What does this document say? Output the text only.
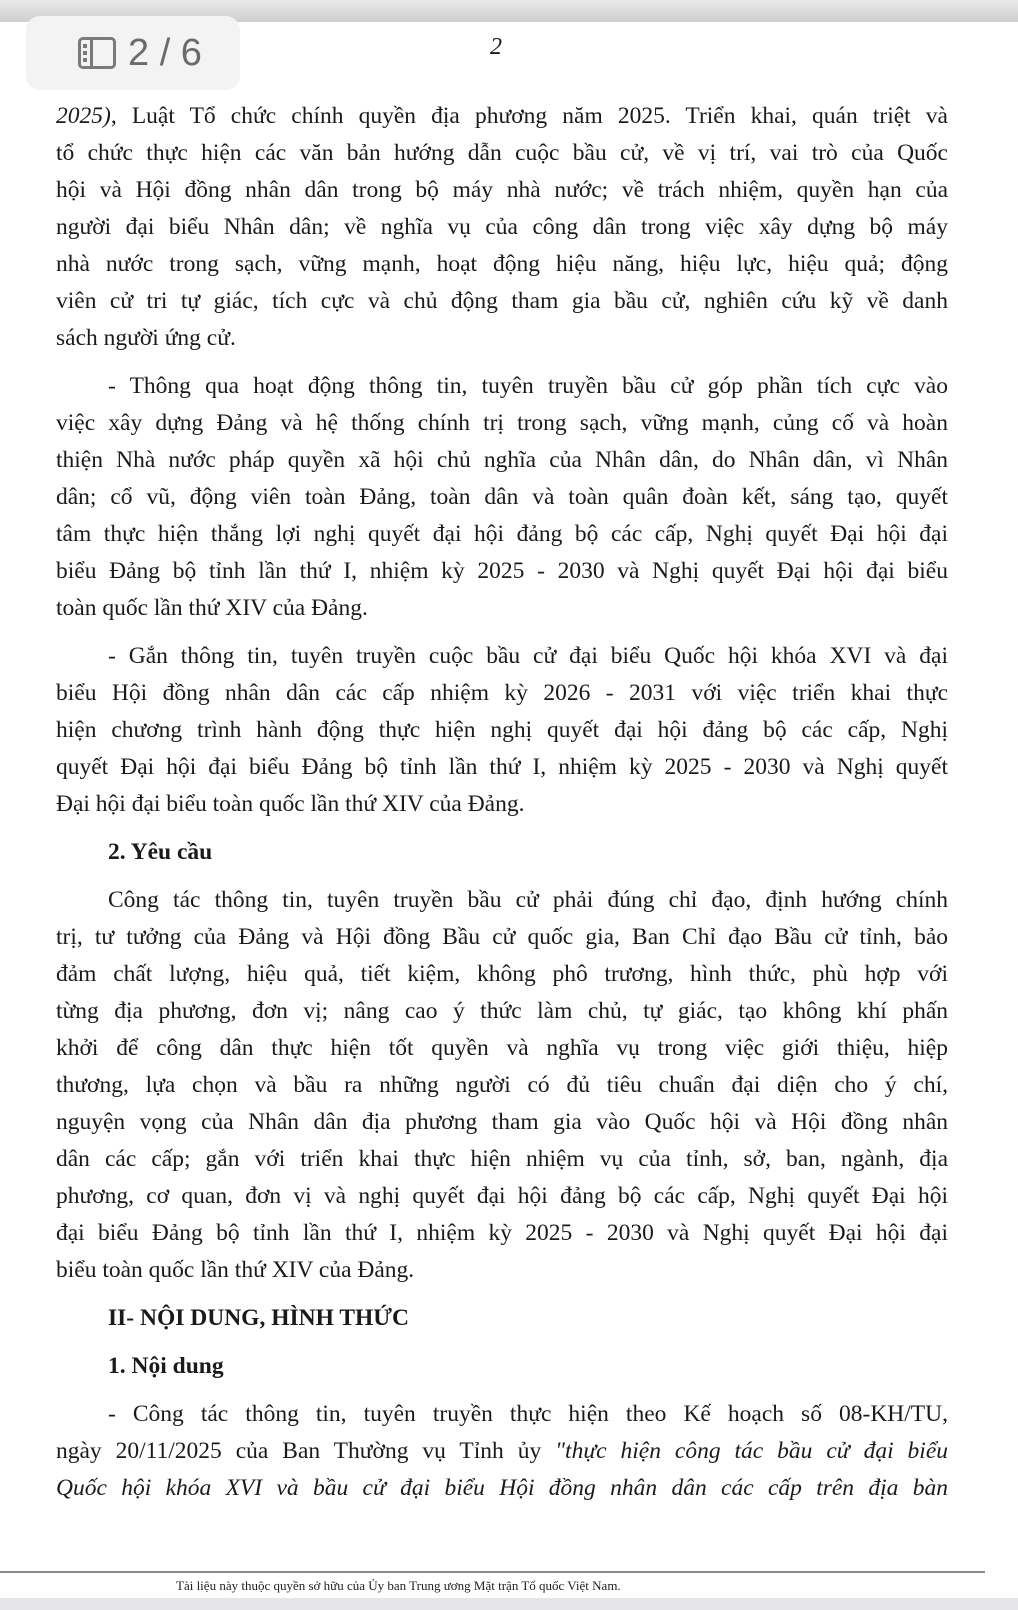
2 / 6	2
2025), Luật Tổ chức chính quyền địa phương năm 2025. Triển khai, quán triệt và
tổ chức thực hiện các văn bản hướng dẫn cuộc bầu cử, về vị trí, vai trò của Quốc
hội và Hội đồng nhân dân trong bộ máy nhà nước; về trách nhiệm, quyền hạn của
người đại biểu Nhân dân; về nghĩa vụ của công dân trong việc xây dựng bộ máy
nhà nước trong sạch, vững mạnh, hoạt động hiệu năng, hiệu lực, hiệu quả; động
viên cử tri tự giác, tích cực và chủ động tham gia bầu cử, nghiên cứu kỹ về danh
sách người ứng cử.
- Thông qua hoạt động thông tin, tuyên truyền bầu cử góp phần tích cực vào
việc xây dựng Đảng và hệ thống chính trị trong sạch, vững mạnh, củng cố và hoàn
thiện Nhà nước pháp quyền xã hội chủ nghĩa của Nhân dân, do Nhân dân, vì Nhân
dân; cổ vũ, động viên toàn Đảng, toàn dân và toàn quân đoàn kết, sáng tạo, quyết
tâm thực hiện thắng lợi nghị quyết đại hội đảng bộ các cấp, Nghị quyết Đại hội đại
biểu Đảng bộ tỉnh lần thứ I, nhiệm kỳ 2025 - 2030 và Nghị quyết Đại hội đại biểu
toàn quốc lần thứ XIV của Đảng.
- Gắn thông tin, tuyên truyền cuộc bầu cử đại biểu Quốc hội khóa XVI và đại
biểu Hội đồng nhân dân các cấp nhiệm kỳ 2026 - 2031 với việc triển khai thực
hiện chương trình hành động thực hiện nghị quyết đại hội đảng bộ các cấp, Nghị
quyết Đại hội đại biểu Đảng bộ tỉnh lần thứ I, nhiệm kỳ 2025 - 2030 và Nghị quyết
Đại hội đại biểu toàn quốc lần thứ XIV của Đảng.
2. Yêu cầu
Công tác thông tin, tuyên truyền bầu cử phải đúng chỉ đạo, định hướng chính
trị, tư tưởng của Đảng và Hội đồng Bầu cử quốc gia, Ban Chỉ đạo Bầu cử tỉnh, bảo
đảm chất lượng, hiệu quả, tiết kiệm, không phô trương, hình thức, phù hợp với
từng địa phương, đơn vị; nâng cao ý thức làm chủ, tự giác, tạo không khí phấn
khởi để công dân thực hiện tốt quyền và nghĩa vụ trong việc giới thiệu, hiệp
thương, lựa chọn và bầu ra những người có đủ tiêu chuẩn đại diện cho ý chí,
nguyện vọng của Nhân dân địa phương tham gia vào Quốc hội và Hội đồng nhân
dân các cấp; gắn với triển khai thực hiện nhiệm vụ của tỉnh, sở, ban, ngành, địa
phương, cơ quan, đơn vị và nghị quyết đại hội đảng bộ các cấp, Nghị quyết Đại hội
đại biểu Đảng bộ tỉnh lần thứ I, nhiệm kỳ 2025 - 2030 và Nghị quyết Đại hội đại
biểu toàn quốc lần thứ XIV của Đảng.
II- NỘI DUNG, HÌNH THỨC
1. Nội dung
- Công tác thông tin, tuyên truyền thực hiện theo Kế hoạch số 08-KH/TU,
ngày 20/11/2025 của Ban Thường vụ Tỉnh ủy "thực hiện công tác bầu cử đại biểu
Quốc hội khóa XVI và bầu cử đại biểu Hội đồng nhân dân các cấp trên địa bàn
Tài liệu này thuộc quyền sở hữu của Ủy ban Trung ương Mặt trận Tổ quốc Việt Nam.
